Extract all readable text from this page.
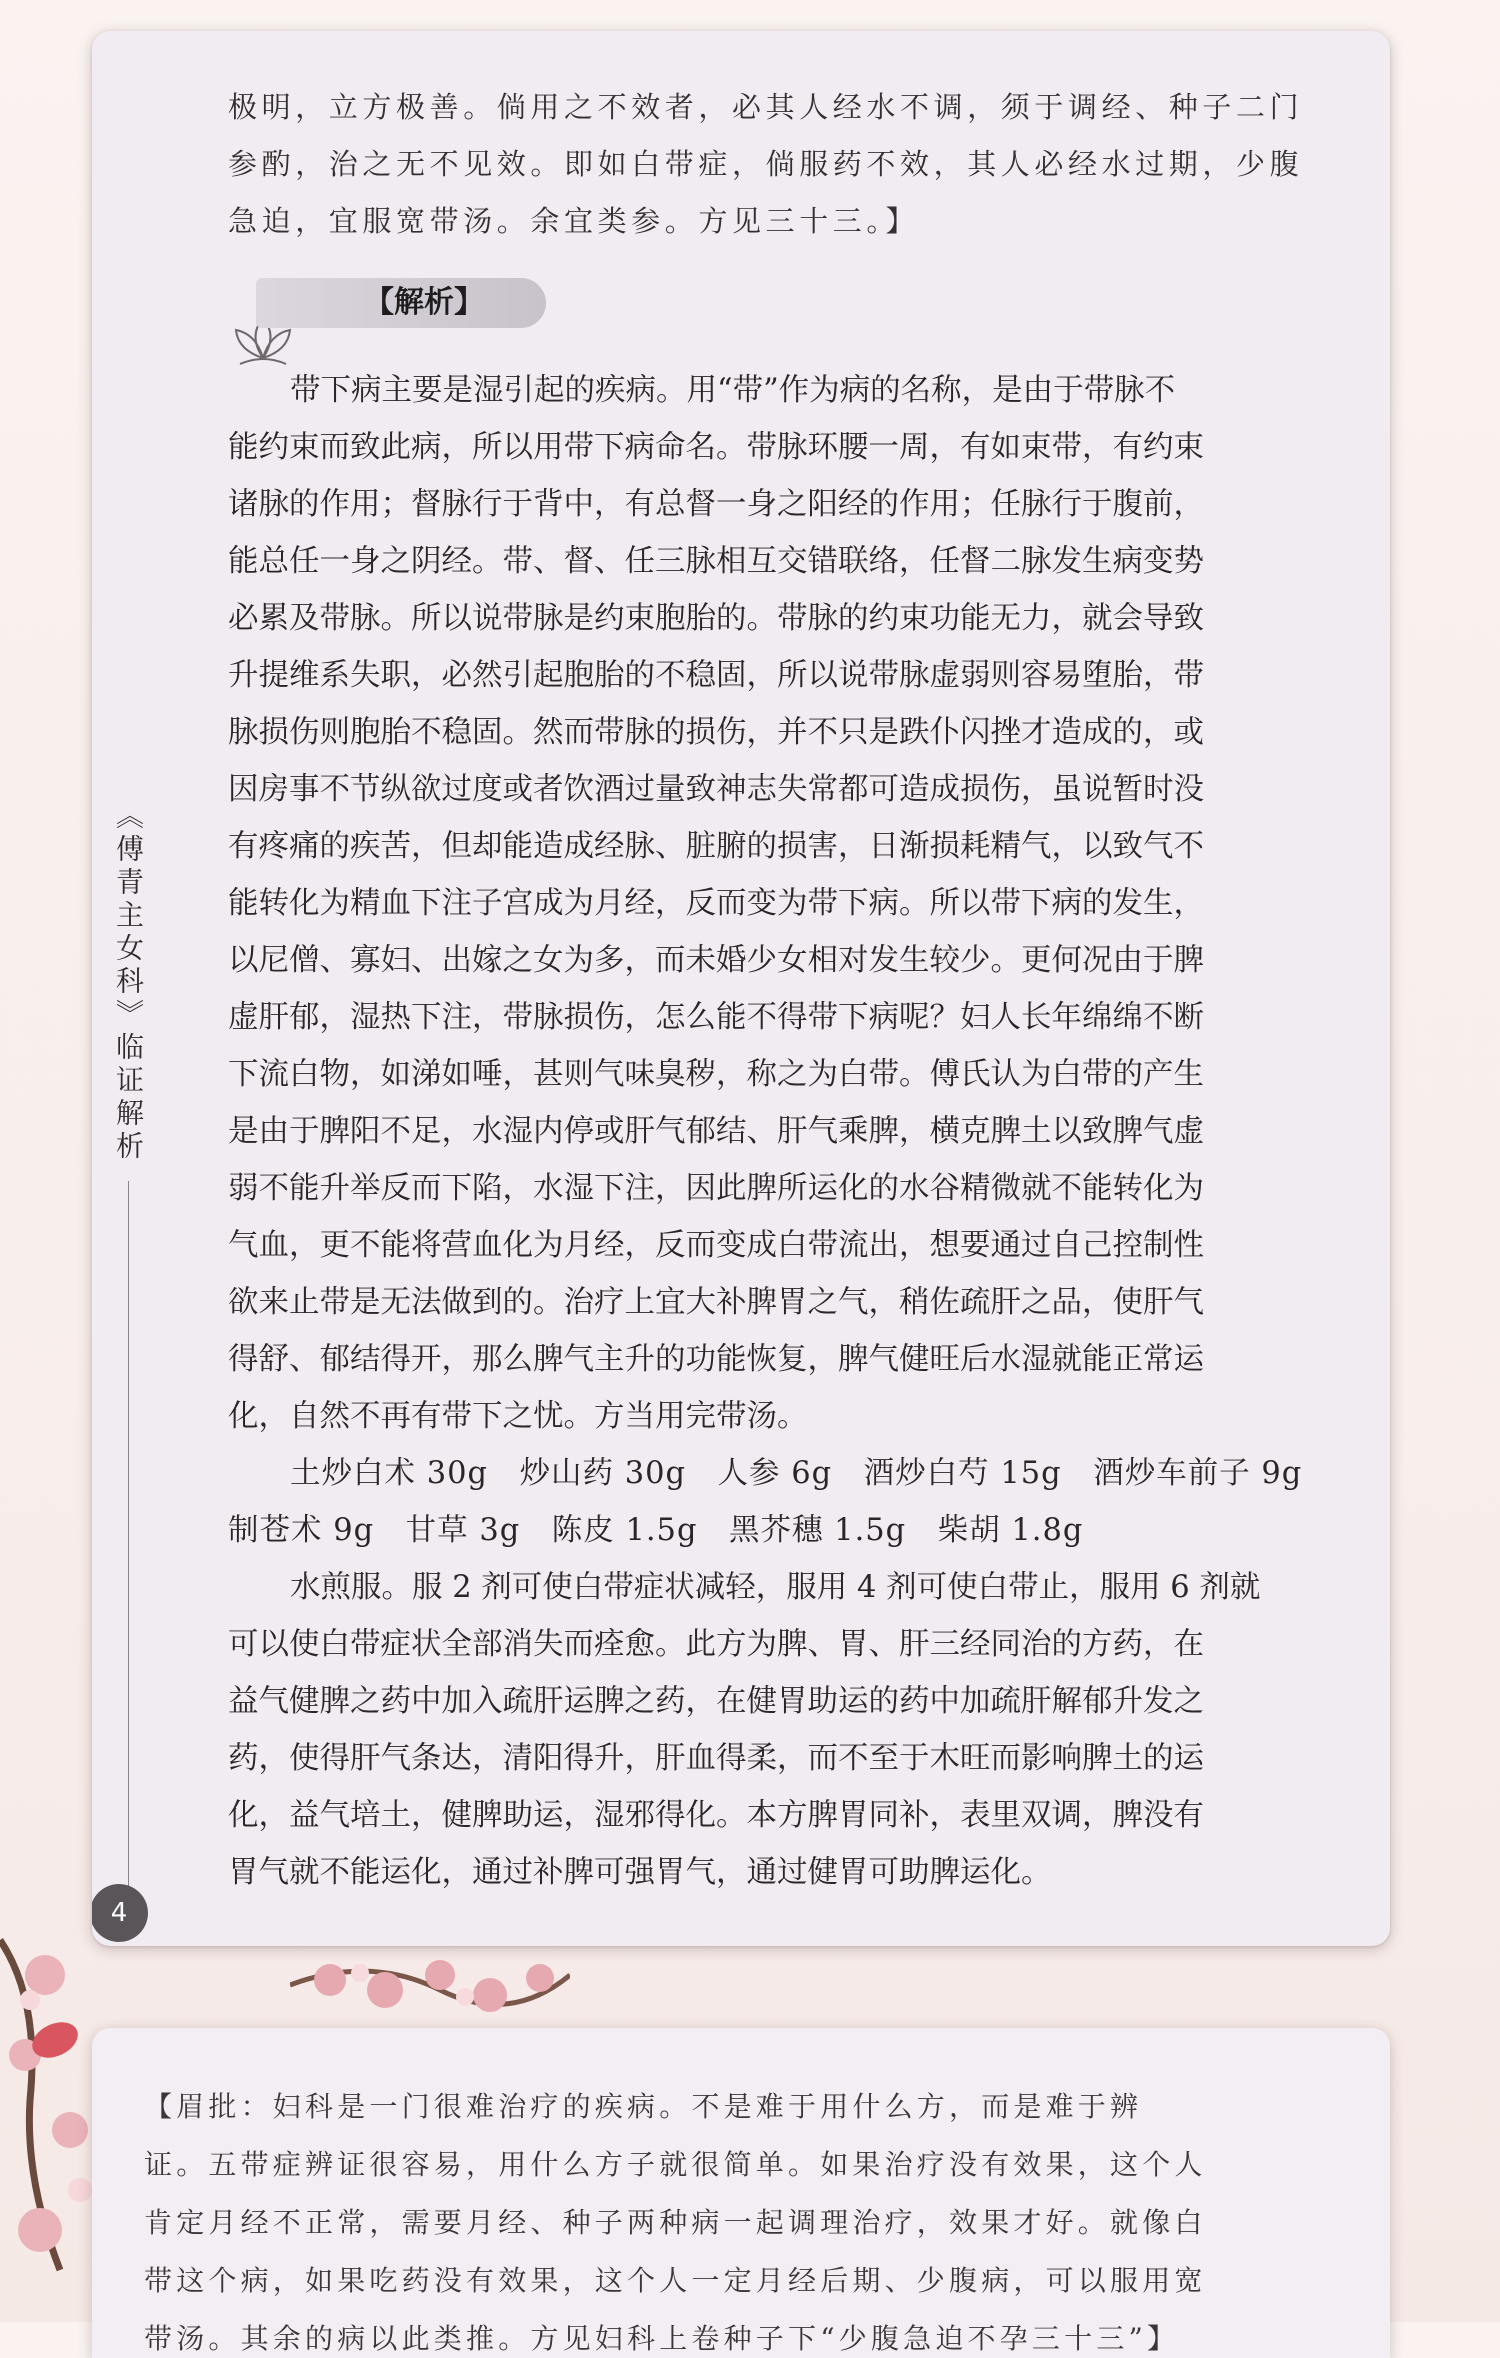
极明，立方极善。倘用之不效者，必其人经水不调，须于调经、种子二门
参酌，治之无不见效。即如白带症，倘服药不效，其人必经水过期，少腹
急迫，宜服宽带汤。余宜类参。方见三十三。】
【解析】
带下病主要是湿引起的疾病。用“带”作为病的名称，是由于带脉不
能约束而致此病，所以用带下病命名。带脉环腰一周，有如束带，有约束
诸脉的作用；督脉行于背中，有总督一身之阳经的作用；任脉行于腹前，
能总任一身之阴经。带、督、任三脉相互交错联络，任督二脉发生病变势
必累及带脉。所以说带脉是约束胞胎的。带脉的约束功能无力，就会导致
升提维系失职，必然引起胞胎的不稳固，所以说带脉虚弱则容易堕胎，带
脉损伤则胞胎不稳固。然而带脉的损伤，并不只是跌仆闪挫才造成的，或
因房事不节纵欲过度或者饮酒过量致神志失常都可造成损伤，虽说暂时没
有疼痛的疾苦，但却能造成经脉、脏腑的损害，日渐损耗精气，以致气不
能转化为精血下注子宫成为月经，反而变为带下病。所以带下病的发生，
以尼僧、寡妇、出嫁之女为多，而未婚少女相对发生较少。更何况由于脾
虚肝郁，湿热下注，带脉损伤，怎么能不得带下病呢？妇人长年绵绵不断
下流白物，如涕如唾，甚则气味臭秽，称之为白带。傅氏认为白带的产生
是由于脾阳不足，水湿内停或肝气郁结、肝气乘脾，横克脾土以致脾气虚
弱不能升举反而下陷，水湿下注，因此脾所运化的水谷精微就不能转化为
气血，更不能将营血化为月经，反而变成白带流出，想要通过自己控制性
欲来止带是无法做到的。治疗上宜大补脾胃之气，稍佐疏肝之品，使肝气
得舒、郁结得开，那么脾气主升的功能恢复，脾气健旺后水湿就能正常运
化，自然不再有带下之忧。方当用完带汤。
土炒白术 30g　炒山药 30g　人参 6g　酒炒白芍 15g　酒炒车前子 9g
制苍术 9g　甘草 3g　陈皮 1.5g　黑芥穗 1.5g　柴胡 1.8g
水煎服。服 2 剂可使白带症状减轻，服用 4 剂可使白带止，服用 6 剂就
可以使白带症状全部消失而痊愈。此方为脾、胃、肝三经同治的方药，在
益气健脾之药中加入疏肝运脾之药，在健胃助运的药中加疏肝解郁升发之
药，使得肝气条达，清阳得升，肝血得柔，而不至于木旺而影响脾土的运
化，益气培土，健脾助运，湿邪得化。本方脾胃同补，表里双调，脾没有
胃气就不能运化，通过补脾可强胃气，通过健胃可助脾运化。
《傅青主女科》临证解析
4
【眉批：妇科是一门很难治疗的疾病。不是难于用什么方，而是难于辨
证。五带症辨证很容易，用什么方子就很简单。如果治疗没有效果，这个人
肯定月经不正常，需要月经、种子两种病一起调理治疗，效果才好。就像白
带这个病，如果吃药没有效果，这个人一定月经后期、少腹病，可以服用宽
带汤。其余的病以此类推。方见妇科上卷种子下“少腹急迫不孕三十三”】
